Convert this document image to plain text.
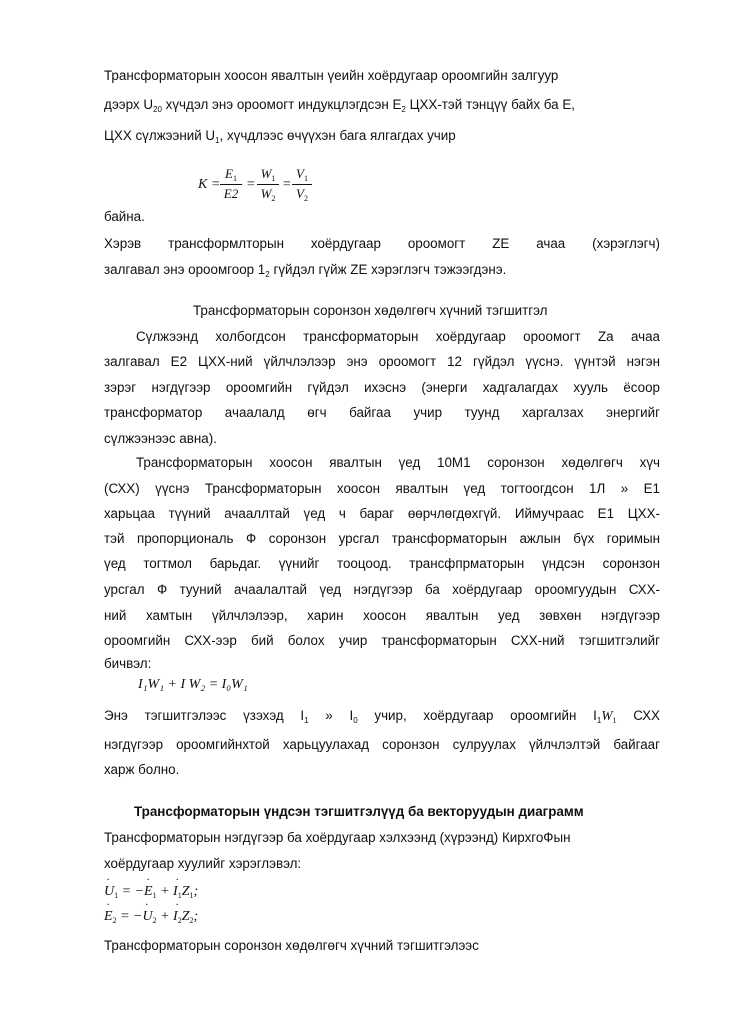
Трансформаторын хоосон явалтын үеийн хоёрдугаар ороомгийн залгуур
дээрх $U_{20}$ хүчдэл энэ ороомогт индукцлэгдсэн $E_2$ ЦХХ-тэй тэнцүү байх ба E,
ЦХХ сүлжээний $U_1$, хүчдлээс өчүүхэн бага ялгагдах учир
K =
$E_1$
E2
=
$W_1$
$W_2$
=
$V_1$
$V_2$
байна.
Хэрэв трансформлторын хоёрдугаар ороомогт ZE ачаа (хэрэглэгч)
залгавал энэ ороомгоор $1_2$ гүйдэл гүйж ZE хэрэглэгч тэжээгдэнэ.
Трансформаторын соронзон хөдөлгөгч хүчний тэгшитгэл
Сүлжээнд холбогдсон трансформаторын хоёрдугаар ороомогт Za ачаа
залгавал E2 ЦХХ-ний үйлчлэлээр энэ ороомогт 12 гүйдэл үүснэ. үүнтэй нэгэн
зэрэг нэгдүгээр ороомгийн гүйдэл ихэснэ (энерги хадгалагдах хууль ёсоор
трансформатор ачаалалд өгч байгаа учир туунд харгалзах энергийг
сүлжээнээс авна).
Трансформаторын хоосон явалтын үед 10М1 соронзон хөдөлгөгч хүч
(СХХ) үүснэ Трансформаторын хоосон явалтын үед тогтоогдсон 1Л » E1
харьцаа түүний ачааллтай үед ч бараг өөрчлөгдөхгүй. Иймучраас E1 ЦХХ-
тэй пропорциональ Ф соронзон урсгал трансформаторын ажлын бүх горимын
үед тогтмол барьдаг. үүнийг тооцоод. трансфпрматорын үндсэн соронзон
урсгал Ф тууний ачаалалтай үед нэгдүгээр ба хоёрдугаар ороомгуудын СХХ-
ний хамтын үйлчлэлээр, харин хоосон явалтын уед зөвхөн нэгдүгээр
ороомгийн СХХ-ээр бий болох учир трансформаторын СХХ-ний тэгшитгэлийг
бичвэл:
I₁W₁ + I W₂ = I₀W₁
Энэ тэгшитгэлээс үзэхэд $I_1$ » $I_0$ учир, хоёрдугаар ороомгийн $I_1W_1$ СХХ
нэгдүгээр ороомгийнхтой харьцуулахад соронзон сулруулах үйлчлэлтэй байгааг
харж болно.
Трансформаторын үндсэн тэгшитгэлүүд ба векторуудын диаграмм
Трансформаторын нэгдүгээр ба хоёрдугаар хэлхээнд (хүрээнд) КирхгоФын
хоёрдугаар хуулийг хэрэглэвэл:
U $˙_1 = -E$ $˙_1 + I$ $˙_1Z_1$;
E $˙_2 = -U$ $˙_2 + I$ $˙_2Z_2$;
Трансформаторын соронзон хөдөлгөгч хүчний тэгшитгэлээс
